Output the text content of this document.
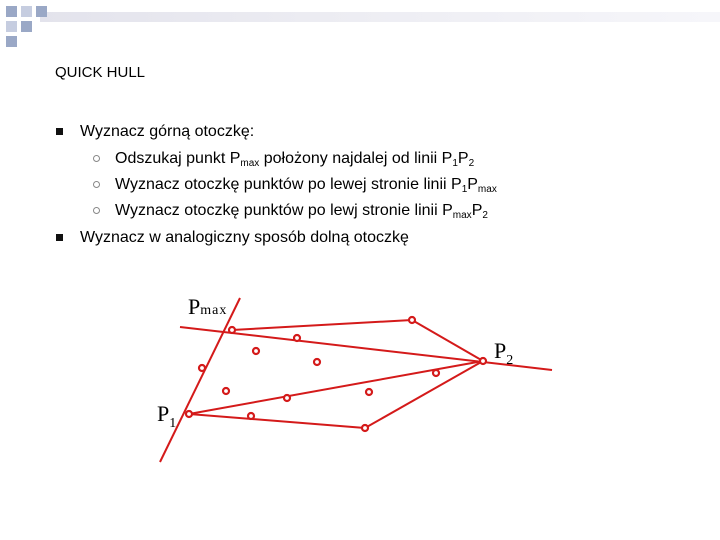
QUICK HULL
Wyznacz górną otoczkę:
Odszukaj punkt $P_{max}$ położony najdalej od linii $P_1P_2$
Wyznacz otoczkę punktów po lewej stronie linii $P_1P_{max}$
Wyznacz otoczkę punktów po lewj stronie linii $P_{max}P_2$
Wyznacz w analogiczny sposób dolną otoczkę
Pmax
$P_2$
$P_1$
